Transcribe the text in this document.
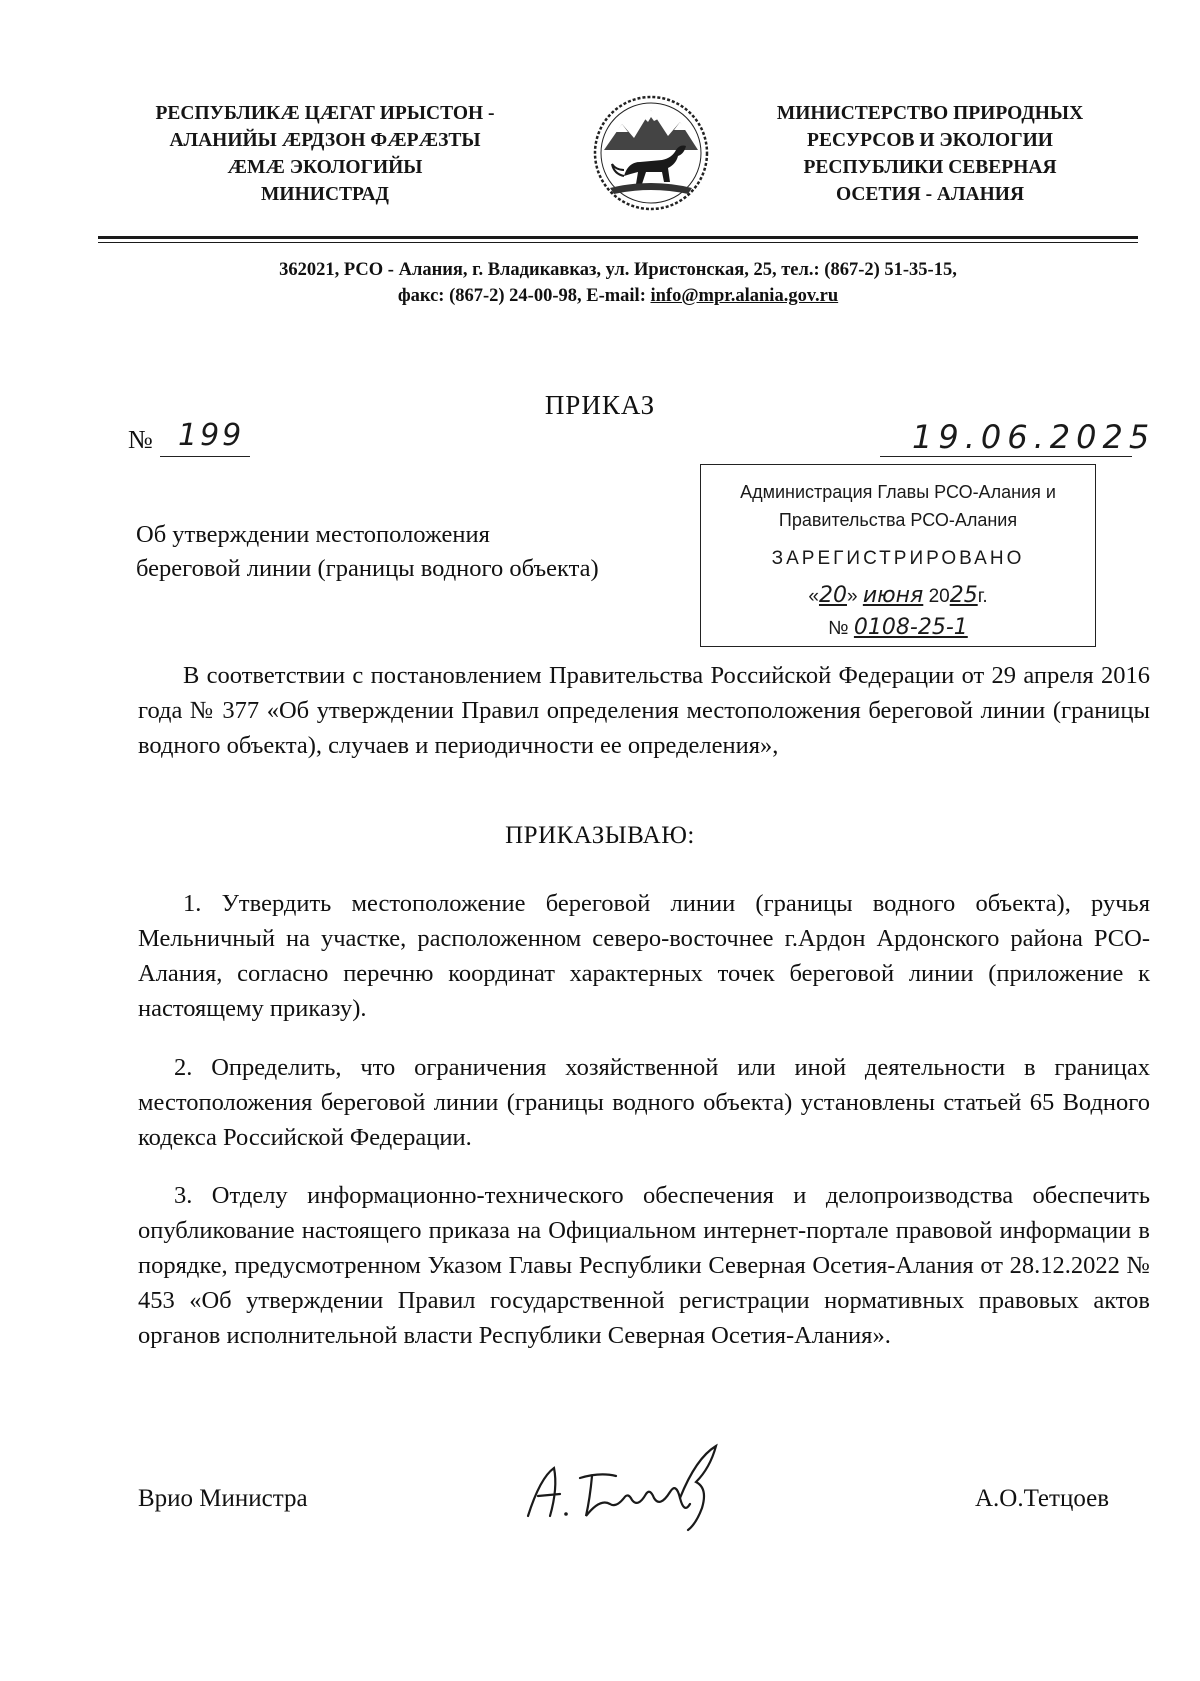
РЕСПУБЛИКӔ ЦӔГАТ ИРЫСТОН -
АЛАНИЙЫ ӔРДЗОН ФӔРӔЗТЫ
ӔМӔ ЭКОЛОГИЙЫ
МИНИСТРАД
МИНИСТЕРСТВО ПРИРОДНЫХ
РЕСУРСОВ И ЭКОЛОГИИ
РЕСПУБЛИКИ СЕВЕРНАЯ
ОСЕТИЯ - АЛАНИЯ
362021, РСО - Алания, г. Владикавказ, ул. Иристонская, 25, тел.: (867-2) 51-35-15,
факс: (867-2) 24-00-98, E-mail: info@mpr.alania.gov.ru
ПРИКАЗ
№ 199	19.06.2025
Об утверждении местоположения
береговой линии (границы водного объекта)
Администрация Главы РСО-Алания и
Правительства РСО-Алания
ЗАРЕГИСТРИРОВАНО
«20» июня 2025г.
№ 0108-25-1
В соответствии с постановлением Правительства Российской Федерации от 29 апреля 2016 года № 377 «Об утверждении Правил определения местоположения береговой линии (границы водного объекта), случаев и периодичности ее определения»,
ПРИКАЗЫВАЮ:
1. Утвердить местоположение береговой линии (границы водного объекта), ручья Мельничный на участке, расположенном северо-восточнее г.Ардон Ардонского района РСО-Алания, согласно перечню координат характерных точек береговой линии (приложение к настоящему приказу).
2. Определить, что ограничения хозяйственной или иной деятельности в границах местоположения береговой линии (границы водного объекта) установлены статьей 65 Водного кодекса Российской Федерации.
3. Отделу информационно-технического обеспечения и делопроизводства обеспечить опубликование настоящего приказа на Официальном интернет-портале правовой информации в порядке, предусмотренном Указом Главы Республики Северная Осетия-Алания от 28.12.2022 № 453 «Об утверждении Правил государственной регистрации нормативных правовых актов органов исполнительной власти Республики Северная Осетия-Алания».
Врио Министра	А.О.Тетцоев
